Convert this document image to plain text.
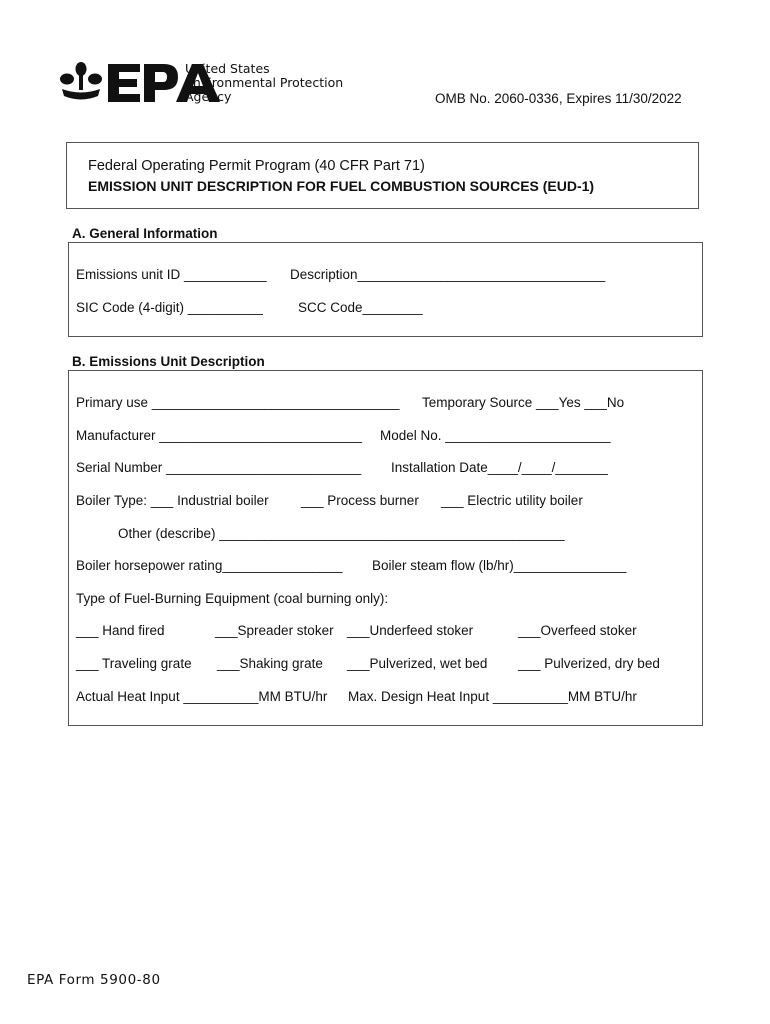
United States
Environmental Protection
Agency	OMB No. 2060-0336, Expires 11/30/2022
Federal Operating Permit Program (40 CFR Part 71)
EMISSION UNIT DESCRIPTION FOR FUEL COMBUSTION SOURCES (EUD-1)
A. General Information
Emissions unit ID ___________ Description_________________________________
SIC Code (4-digit) __________	SCC Code________
B. Emissions Unit Description
Primary use _________________________________ Temporary Source ___Yes ___No
Manufacturer ___________________________ Model No. ______________________
Serial Number __________________________ Installation Date____/____/_______
Boiler Type: ___ Industrial boiler ___ Process burner ___ Electric utility boiler
Other (describe) ______________________________________________
Boiler horsepower rating________________ Boiler steam flow (lb/hr)_______________
Type of Fuel-Burning Equipment (coal burning only):
___ Hand fired	___Spreader stoker ___Underfeed stoker	___Overfeed stoker
___ Traveling grate ___Shaking grate ___Pulverized, wet bed ___ Pulverized, dry bed
Actual Heat Input __________MM BTU/hr Max. Design Heat Input __________MM BTU/hr
EPA Form 5900-80
